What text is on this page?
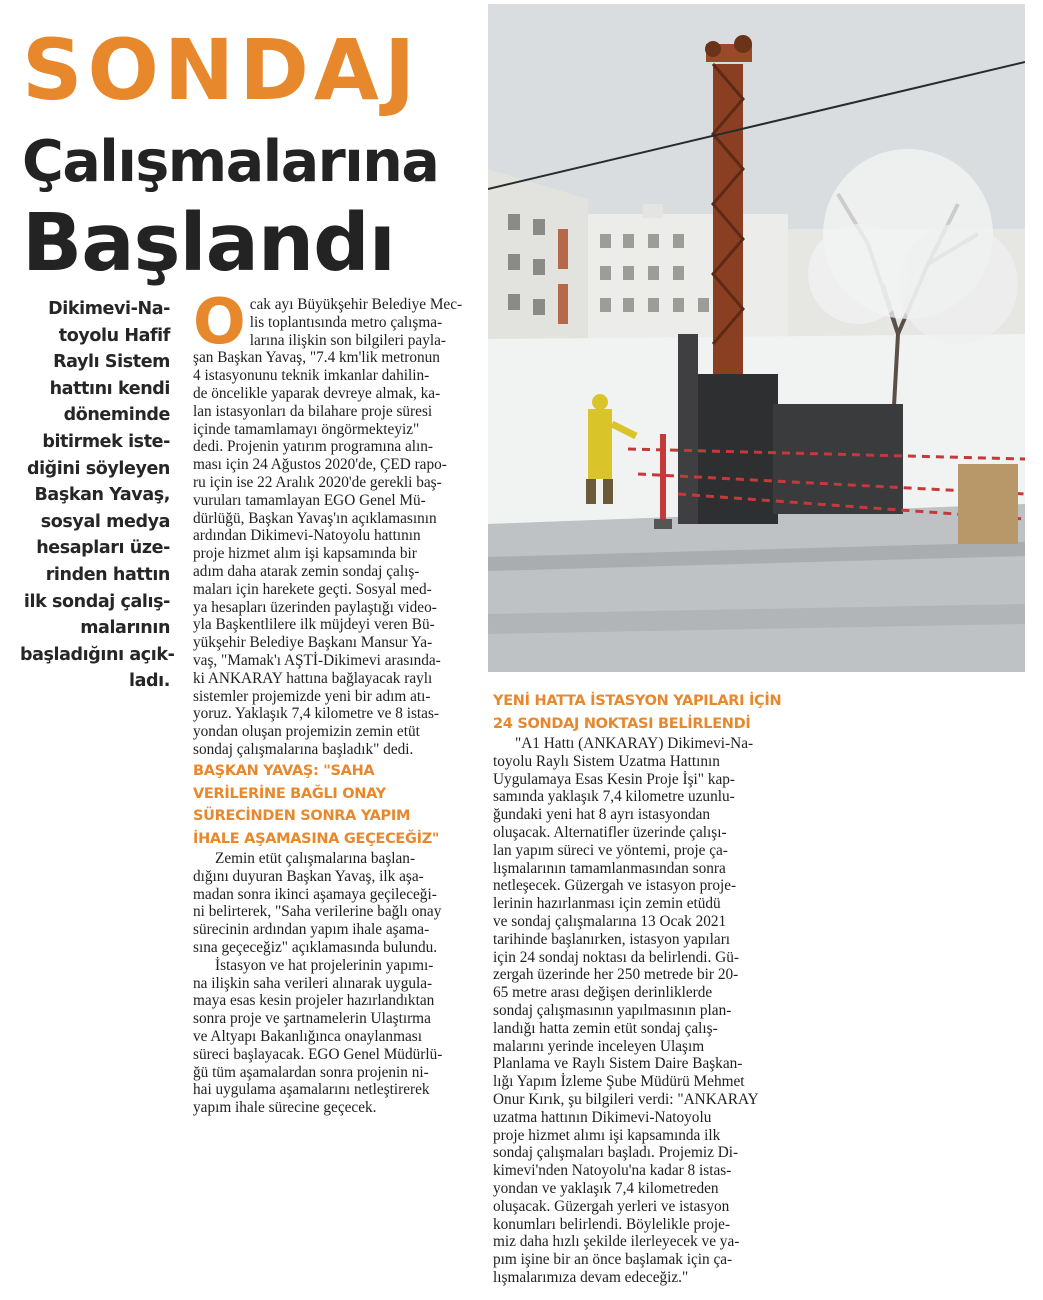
SONDAJ
Çalışmalarına
Başlandı
Dikimevi-Na-
toyolu Hafif
Raylı Sistem
hattını kendi
döneminde
bitirmek iste-
diğini söyleyen
Başkan Yavaş,
sosyal medya
hesapları üze-
rinden hattın
ilk sondaj çalış-
malarının
başladığını açık-
ladı.
O cak ayı Büyükşehir Belediye Mec-
lis toplantısında metro çalışma-
larına ilişkin son bilgileri payla-
şan Başkan Yavaş, "7.4 km'lik metronun
4 istasyonunu teknik imkanlar dahilin-
de öncelikle yaparak devreye almak, ka-
lan istasyonları da bilahare proje süresi
içinde tamamlamayı öngörmekteyiz"
dedi. Projenin yatırım programına alın-
ması için 24 Ağustos 2020'de, ÇED rapo-
ru için ise 22 Aralık 2020'de gerekli baş-
vuruları tamamlayan EGO Genel Mü-
dürlüğü, Başkan Yavaş'ın açıklamasının
ardından Dikimevi-Natoyolu hattının
proje hizmet alım işi kapsamında bir
adım daha atarak zemin sondaj çalış-
maları için harekete geçti. Sosyal med-
ya hesapları üzerinden paylaştığı video-
yla Başkentlilere ilk müjdeyi veren Bü-
yükşehir Belediye Başkanı Mansur Ya-
vaş, "Mamak'ı AŞTİ-Dikimevi arasında-
ki ANKARAY hattına bağlayacak raylı
sistemler projemizde yeni bir adım atı-
yoruz. Yaklaşık 7,4 kilometre ve 8 istas-
yondan oluşan projemizin zemin etüt
sondaj çalışmalarına başladık" dedi.
BAŞKAN YAVAŞ: "SAHA
VERİLERİNE BAĞLI ONAY
SÜRECİNDEN SONRA YAPIM
İHALE AŞAMASINA GEÇECEĞİZ"
Zemin etüt çalışmalarına başlan-
dığını duyuran Başkan Yavaş, ilk aşa-
madan sonra ikinci aşamaya geçileceği-
ni belirterek, "Saha verilerine bağlı onay
sürecinin ardından yapım ihale aşama-
sına geçeceğiz" açıklamasında bulundu.
İstasyon ve hat projelerinin yapımı-
na ilişkin saha verileri alınarak uygula-
maya esas kesin projeler hazırlandıktan
sonra proje ve şartnamelerin Ulaştırma
ve Altyapı Bakanlığınca onaylanması
süreci başlayacak. EGO Genel Müdürlü-
ğü tüm aşamalardan sonra projenin ni-
hai uygulama aşamalarını netleştirerek
yapım ihale sürecine geçecek.
YENİ HATTA İSTASYON YAPILARI İÇİN
24 SONDAJ NOKTASI BELİRLENDİ
"A1 Hattı (ANKARAY) Dikimevi-Na-
toyolu Raylı Sistem Uzatma Hattının
Uygulamaya Esas Kesin Proje İşi" kap-
samında yaklaşık 7,4 kilometre uzunlu-
ğundaki yeni hat 8 ayrı istasyondan
oluşacak. Alternatifler üzerinde çalışı-
lan yapım süreci ve yöntemi, proje ça-
lışmalarının tamamlanmasından sonra
netleşecek. Güzergah ve istasyon proje-
lerinin hazırlanması için zemin etüdü
ve sondaj çalışmalarına 13 Ocak 2021
tarihinde başlanırken, istasyon yapıları
için 24 sondaj noktası da belirlendi. Gü-
zergah üzerinde her 250 metrede bir 20-
65 metre arası değişen derinliklerde
sondaj çalışmasının yapılmasının plan-
landığı hatta zemin etüt sondaj çalış-
malarını yerinde inceleyen Ulaşım
Planlama ve Raylı Sistem Daire Başkan-
lığı Yapım İzleme Şube Müdürü Mehmet
Onur Kırık, şu bilgileri verdi: "ANKARAY
uzatma hattının Dikimevi-Natoyolu
proje hizmet alımı işi kapsamında ilk
sondaj çalışmaları başladı. Projemiz Di-
kimevi'nden Natoyolu'na kadar 8 istas-
yondan ve yaklaşık 7,4 kilometreden
oluşacak. Güzergah yerleri ve istasyon
konumları belirlendi. Böylelikle proje-
miz daha hızlı şekilde ilerleyecek ve ya-
pım işine bir an önce başlamak için ça-
lışmalarımıza devam edeceğiz."
